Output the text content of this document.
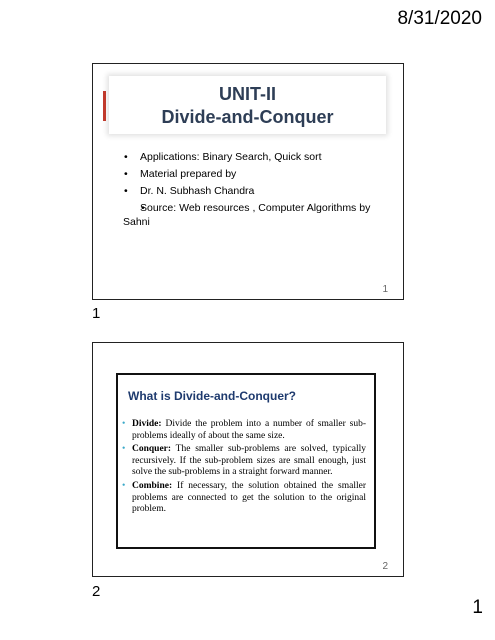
8/31/2020
UNIT-II
Divide-and-Conquer
• Applications: Binary Search, Quick sort
• Material prepared by
• Dr. N. Subhash Chandra
• Source: Web resources , Computer Algorithms by Sahni
1
1
What is Divide-and-Conquer?
• Divide: Divide the problem into a number of smaller sub-problems ideally of about the same size.
• Conquer: The smaller sub-problems are solved, typically recursively. If the sub-problem sizes are small enough, just solve the sub-problems in a straight forward manner.
• Combine: If necessary, the solution obtained the smaller problems are connected to get the solution to the original problem.
2
2
1
